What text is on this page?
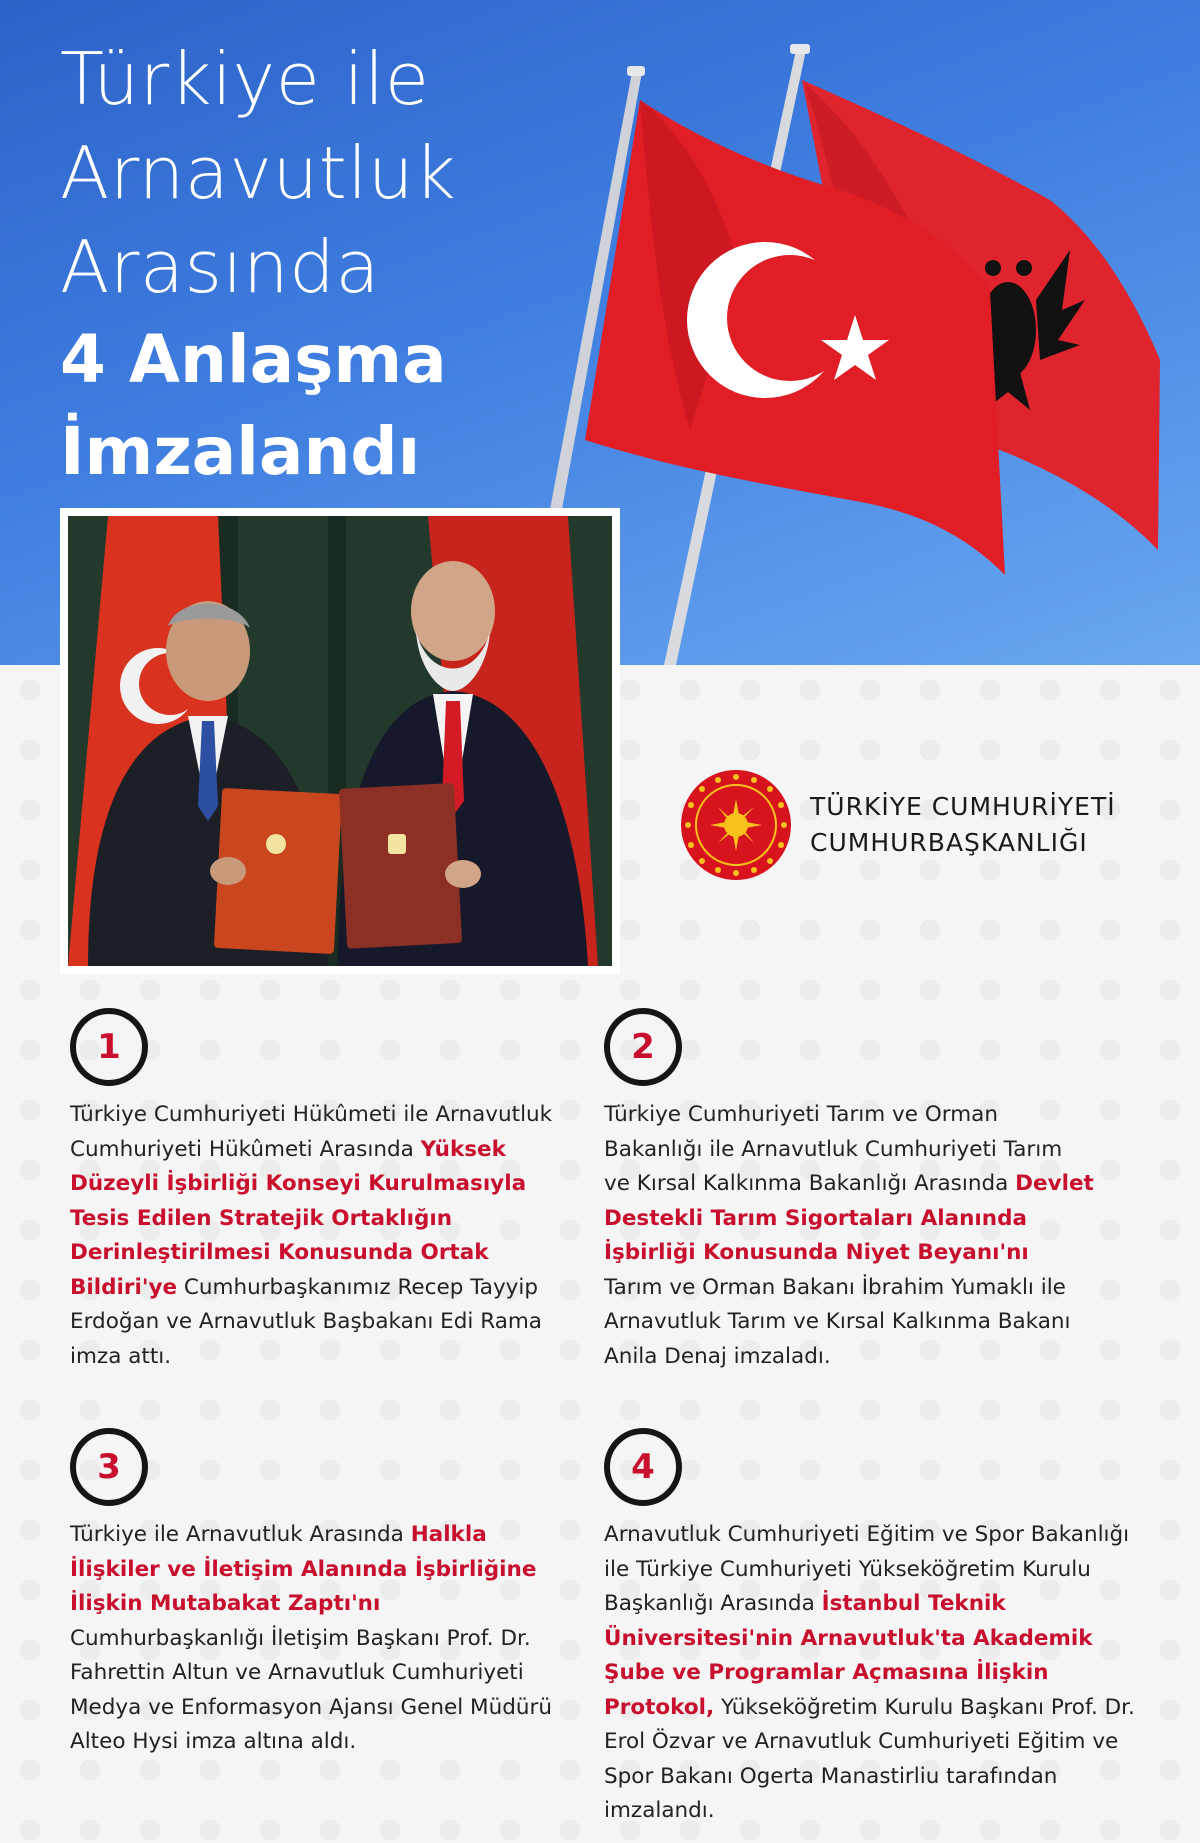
Türkiye ile
Arnavutluk
Arasında
4 Anlaşma
İmzalandı
TÜRKİYE CUMHURİYETİ
CUMHURBAŞKANLIĞI
1

Türkiye Cumhuriyeti Hükûmeti ile Arnavutluk Cumhuriyeti Hükûmeti Arasında Yüksek Düzeyli İşbirliği Konseyi Kurulmasıyla Tesis Edilen Stratejik Ortaklığın Derinleştirilmesi Konusunda Ortak Bildiri'ye Cumhurbaşkanımız Recep Tayyip Erdoğan ve Arnavutluk Başbakanı Edi Rama imza attı.

2

Türkiye Cumhuriyeti Tarım ve Orman Bakanlığı ile Arnavutluk Cumhuriyeti Tarım ve Kırsal Kalkınma Bakanlığı Arasında Devlet Destekli Tarım Sigortaları Alanında İşbirliği Konusunda Niyet Beyanı'nı Tarım ve Orman Bakanı İbrahim Yumaklı ile Arnavutluk Tarım ve Kırsal Kalkınma Bakanı Anila Denaj imzaladı.

3

Türkiye ile Arnavutluk Arasında Halkla İlişkiler ve İletişim Alanında İşbirliğine İlişkin Mutabakat Zaptı'nı Cumhurbaşkanlığı İletişim Başkanı Prof. Dr. Fahrettin Altun ve Arnavutluk Cumhuriyeti Medya ve Enformasyon Ajansı Genel Müdürü Alteo Hysi imza altına aldı.

4

Arnavutluk Cumhuriyeti Eğitim ve Spor Bakanlığı ile Türkiye Cumhuriyeti Yükseköğretim Kurulu Başkanlığı Arasında İstanbul Teknik Üniversitesi'nin Arnavutluk'ta Akademik Şube ve Programlar Açmasına İlişkin Protokol, Yükseköğretim Kurulu Başkanı Prof. Dr. Erol Özvar ve Arnavutluk Cumhuriyeti Eğitim ve Spor Bakanı Ogerta Manastirliu tarafından imzalandı.
